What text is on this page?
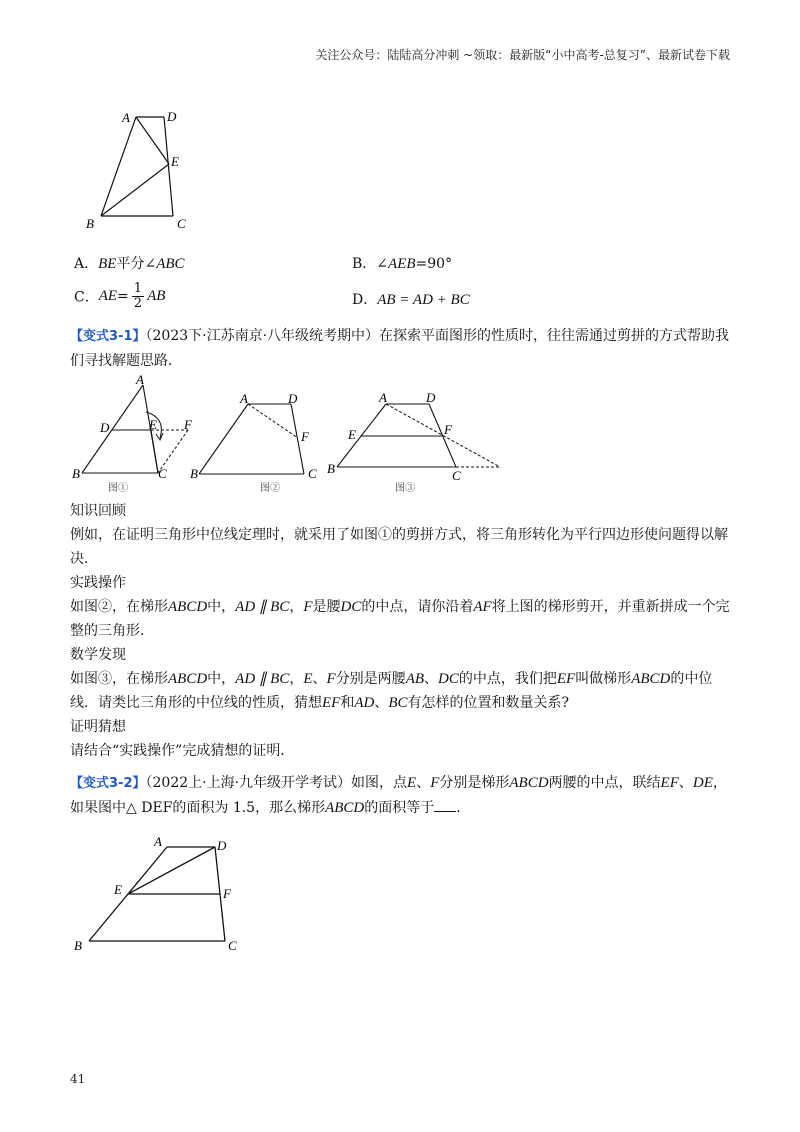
关注公众号：陆陆高分冲刺 ~领取：最新版“小中高考-总复习”、最新试卷下载
A	D
E
B	C
A．BE平分∠ABC	B．∠AEB=90°
C．$AE= \frac{1}{2}$ AB	D．AB = AD + BC

【变式3-1】（2023下·江苏南京·八年级统考期中）在探索平面图形的性质时，往往需通过剪拼的方式帮助我们寻找解题思路．

A
D	E F
B	C
图①
A	D
F
B	C
图②
A	D
E	F
B	C
图③

知识回顾

例如，在证明三角形中位线定理时，就采用了如图①的剪拼方式，将三角形转化为平行四边形使问题得以解决．

实践操作

如图②，在梯形ABCD中，AD ∥ BC，F是腰DC的中点，请你沿着AF将上图的梯形剪开，并重新拼成一个完整的三角形．

数学发现

如图③，在梯形ABCD中，AD ∥ BC，E、F分别是两腰AB、DC的中点，我们把EF叫做梯形ABCD的中位线．请类比三角形的中位线的性质，猜想EF和AD、BC有怎样的位置和数量关系?

证明猜想

请结合“实践操作”完成猜想的证明．

【变式3-2】（2022上·上海·九年级开学考试）如图，点E、F分别是梯形ABCD两腰的中点，联结EF、DE，如果图中△ DEF的面积为 1.5，那么梯形ABCD的面积等于 ．

A	D
E	F
B	C
41
